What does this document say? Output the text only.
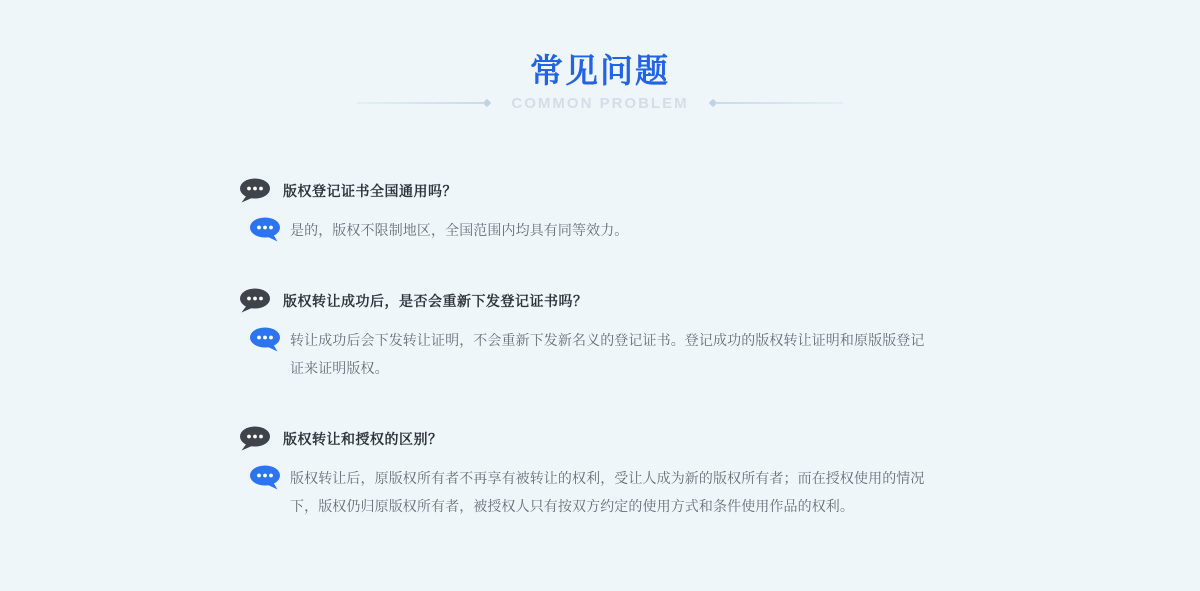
常见问题
COMMON PROBLEM
版权登记证书全国通用吗？
是的，版权不限制地区，全国范围内均具有同等效力。
版权转让成功后，是否会重新下发登记证书吗？
转让成功后会下发转让证明，不会重新下发新名义的登记证书。登记成功的版权转让证明和原版版登记
证来证明版权。
版权转让和授权的区别？
版权转让后，原版权所有者不再享有被转让的权利，受让人成为新的版权所有者；而在授权使用的情况
下，版权仍归原版权所有者，被授权人只有按双方约定的使用方式和条件使用作品的权利。
